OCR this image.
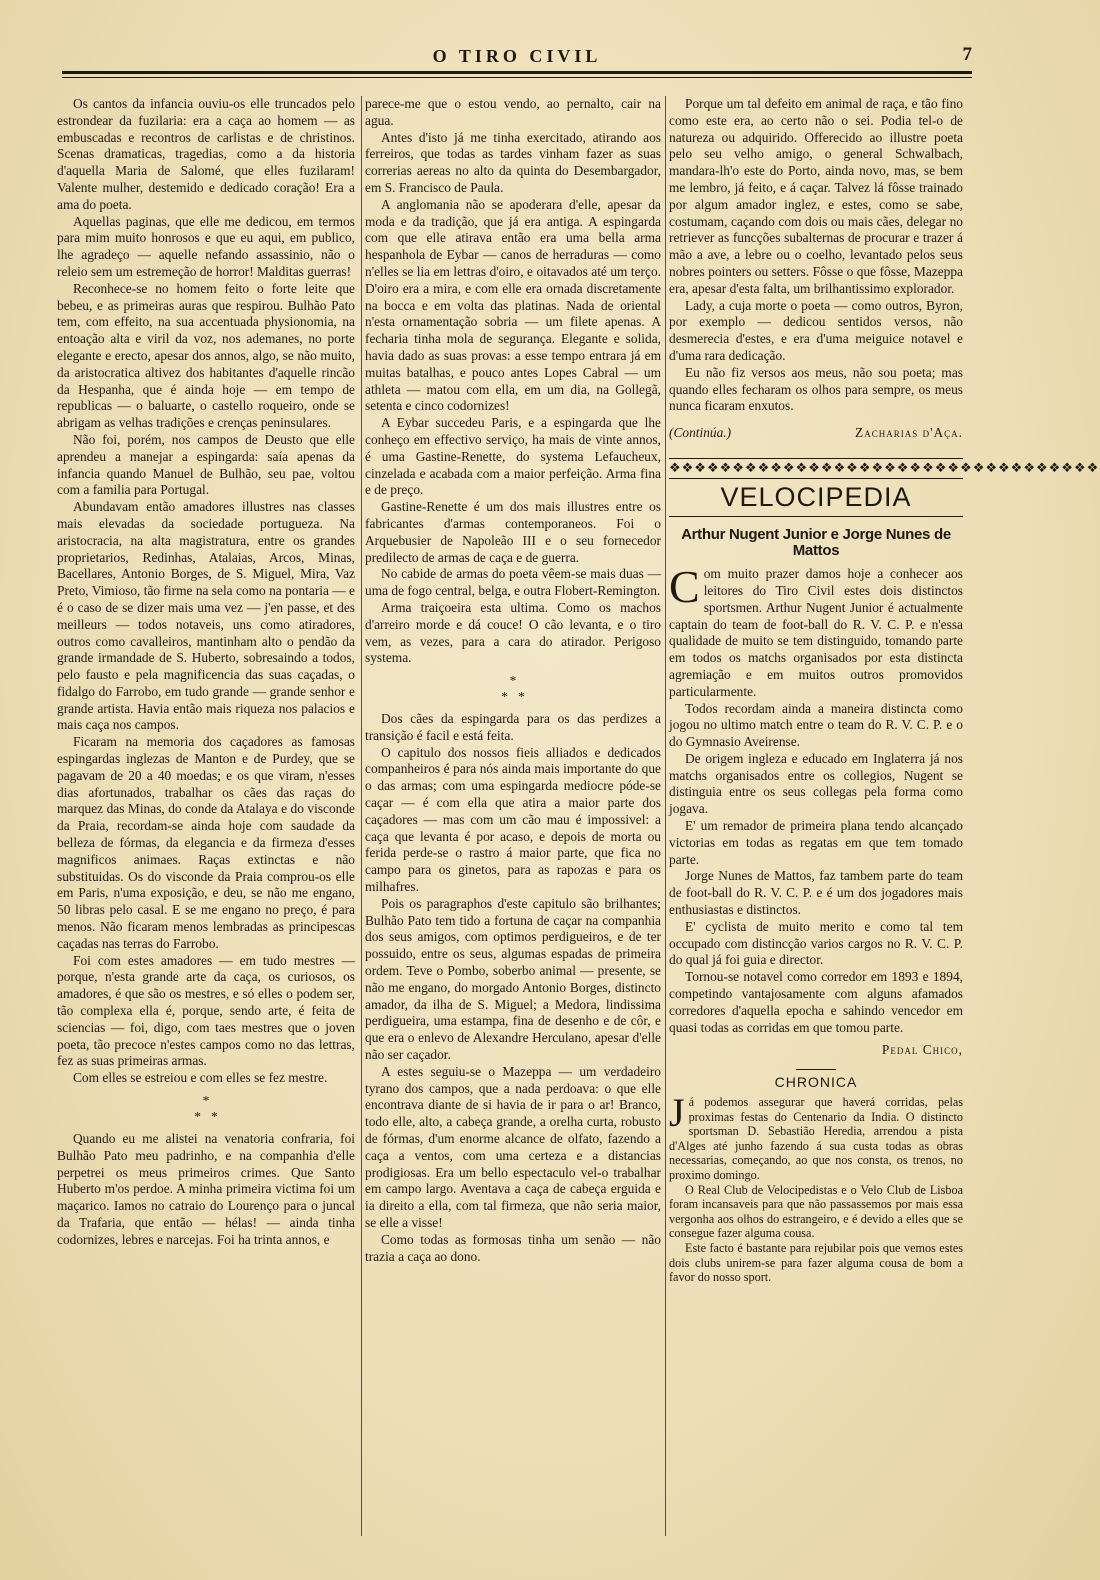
O TIRO CIVIL	7

Os cantos da infancia ouviu-os elle truncados pelo estrondear da fuzilaria: era a caça ao homem — as embuscadas e recontros de carlistas e de christinos. Scenas dramaticas, tragedias, como a da historia d'aquella Maria de Salomé, que elles fuzilaram! Valente mulher, destemido e dedicado coração! Era a ama do poeta.

Aquellas paginas, que elle me dedicou, em termos para mim muito honrosos e que eu aqui, em publico, lhe agradeço — aquelle nefando assassinio, não o releio sem um estremeção de horror! Malditas guerras!

Reconhece-se no homem feito o forte leite que bebeu, e as primeiras auras que respirou. Bulhão Pato tem, com effeito, na sua accentuada physionomia, na entoação alta e viril da voz, nos ademanes, no porte elegante e erecto, apesar dos annos, algo, se não muito, da aristocratica altivez dos habitantes d'aquelle rincão da Hespanha, que é ainda hoje — em tempo de republicas — o baluarte, o castello roqueiro, onde se abrigam as velhas tradições e crenças peninsulares.

Não foi, porém, nos campos de Deusto que elle aprendeu a manejar a espingarda: saía apenas da infancia quando Manuel de Bulhão, seu pae, voltou com a familia para Portugal.

Abundavam então amadores illustres nas classes mais elevadas da sociedade portugueza. Na aristocracia, na alta magistratura, entre os grandes proprietarios, Redinhas, Atalaias, Arcos, Minas, Bacellares, Antonio Borges, de S. Miguel, Mira, Vaz Preto, Vimioso, tão firme na sela como na pontaria — e é o caso de se dizer mais uma vez — j'en passe, et des meilleurs — todos notaveis, uns como atiradores, outros como cavalleiros, mantinham alto o pendão da grande irmandade de S. Huberto, sobresaindo a todos, pelo fausto e pela magnificencia das suas caçadas, o fidalgo do Farrobo, em tudo grande — grande senhor e grande artista. Havia então mais riqueza nos palacios e mais caça nos campos.

Ficaram na memoria dos caçadores as famosas espingardas inglezas de Manton e de Purdey, que se pagavam de 20 a 40 moedas; e os que viram, n'esses dias afortunados, trabalhar os cães das raças do marquez das Minas, do conde da Atalaya e do visconde da Praia, recordam-se ainda hoje com saudade da belleza de fórmas, da elegancia e da firmeza d'esses magnificos animaes. Raças extinctas e não substituidas. Os do visconde da Praia comprou-os elle em Paris, n'uma exposição, e deu, se não me engano, 50 libras pelo casal. E se me engano no preço, é para menos. Não ficaram menos lembradas as principescas caçadas nas terras do Farrobo.

Foi com estes amadores — em tudo mestres — porque, n'esta grande arte da caça, os curiosos, os amadores, é que são os mestres, e só elles o podem ser, tão complexa ella é, porque, sendo arte, é feita de sciencias — foi, digo, com taes mestres que o joven poeta, tão precoce n'estes campos como no das lettras, fez as suas primeiras armas.

Com elles se estreiou e com elles se fez mestre.

*
*   *

Quando eu me alistei na venatoria confraria, foi Bulhão Pato meu padrinho, e na companhia d'elle perpetrei os meus primeiros crimes. Que Santo Huberto m'os perdoe. A minha primeira victima foi um maçarico. Iamos no catraio do Lourenço para o juncal da Trafaria, que então — hélas! — ainda tinha codornizes, lebres e narcejas. Foi ha trinta annos, e

parece-me que o estou vendo, ao pernalto, cair na agua.

Antes d'isto já me tinha exercitado, atirando aos ferreiros, que todas as tardes vinham fazer as suas correrias aereas no alto da quinta do Desembargador, em S. Francisco de Paula.

A anglomania não se apoderara d'elle, apesar da moda e da tradição, que já era antiga. A espingarda com que elle atirava então era uma bella arma hespanhola de Eybar — canos de herraduras — como n'elles se lia em lettras d'oiro, e oitavados até um terço. D'oiro era a mira, e com elle era ornada discretamente na bocca e em volta das platinas. Nada de oriental n'esta ornamentação sobria — um filete apenas. A fecharia tinha mola de segurança. Elegante e solida, havia dado as suas provas: a esse tempo entrara já em muitas batalhas, e pouco antes Lopes Cabral — um athleta — matou com ella, em um dia, na Gollegã, setenta e cinco codornizes!

A Eybar succedeu Paris, e a espingarda que lhe conheço em effectivo serviço, ha mais de vinte annos, é uma Gastine-Renette, do systema Lefaucheux, cinzelada e acabada com a maior perfeição. Arma fina e de preço.

Gastine-Renette é um dos mais illustres entre os fabricantes d'armas contemporaneos. Foi o Arquebusier de Napoleão III e o seu fornecedor predilecto de armas de caça e de guerra.

No cabide de armas do poeta vêem-se mais duas — uma de fogo central, belga, e outra Flobert-Remington.

Arma traiçoeira esta ultima. Como os machos d'arreiro morde e dá couce! O cão levanta, e o tiro vem, as vezes, para a cara do atirador. Perigoso systema.

*
*   *

Dos cães da espingarda para os das perdizes a transição é facil e está feita.

O capitulo dos nossos fieis alliados e dedicados companheiros é para nós ainda mais importante do que o das armas; com uma espingarda mediocre póde-se caçar — é com ella que atira a maior parte dos caçadores — mas com um cão mau é impossivel: a caça que levanta é por acaso, e depois de morta ou ferida perde-se o rastro á maior parte, que fica no campo para os ginetos, para as rapozas e para os milhafres.

Pois os paragraphos d'este capitulo são brilhantes; Bulhão Pato tem tido a fortuna de caçar na companhia dos seus amigos, com optimos perdigueiros, e de ter possuido, entre os seus, algumas espadas de primeira ordem. Teve o Pombo, soberbo animal — presente, se não me engano, do morgado Antonio Borges, distincto amador, da ilha de S. Miguel; a Medora, lindissima perdigueira, uma estampa, fina de desenho e de côr, e que era o enlevo de Alexandre Herculano, apesar d'elle não ser caçador.

A estes seguiu-se o Mazeppa — um verdadeiro tyrano dos campos, que a nada perdoava: o que elle encontrava diante de si havia de ir para o ar! Branco, todo elle, alto, a cabeça grande, a orelha curta, robusto de fórmas, d'um enorme alcance de olfato, fazendo a caça a ventos, com uma certeza e a distancias prodigiosas. Era um bello espectaculo vel-o trabalhar em campo largo. Aventava a caça de cabeça erguida e ia direito a ella, com tal firmeza, que não seria maior, se elle a visse!

Como todas as formosas tinha um senão — não trazia a caça ao dono.

Porque um tal defeito em animal de raça, e tão fino como este era, ao certo não o sei. Podia tel-o de natureza ou adquirido. Offerecido ao illustre poeta pelo seu velho amigo, o general Schwalbach, mandara-lh'o este do Porto, ainda novo, mas, se bem me lembro, já feito, e á caçar. Talvez lá fôsse trainado por algum amador inglez, e estes, como se sabe, costumam, caçando com dois ou mais cães, delegar no retriever as funcções subalternas de procurar e trazer á mão a ave, a lebre ou o coelho, levantado pelos seus nobres pointers ou setters. Fôsse o que fôsse, Mazeppa era, apesar d'esta falta, um brilhantissimo explorador.

Lady, a cuja morte o poeta — como outros, Byron, por exemplo — dedicou sentidos versos, não desmerecia d'estes, e era d'uma meiguice notavel e d'uma rara dedicação.

Eu não fiz versos aos meus, não sou poeta; mas quando elles fecharam os olhos para sempre, os meus nunca ficaram enxutos.

(Continúa.)	Zacharias d'Aça.
❖❖❖❖❖❖❖❖❖❖❖❖❖❖❖❖❖❖❖❖❖❖❖❖❖❖❖❖❖❖❖❖❖❖
VELOCIPEDIA
Arthur Nugent Junior e Jorge Nunes de Mattos

Com muito prazer damos hoje a conhecer aos leitores do Tiro Civil estes dois distinctos sportsmen. Arthur Nugent Junior é actualmente captain do team de foot-ball do R. V. C. P. e n'essa qualidade de muito se tem distinguido, tomando parte em todos os matchs organisados por esta distincta agremiação e em muitos outros promovidos particularmente.

Todos recordam ainda a maneira distincta como jogou no ultimo match entre o team do R. V. C. P. e o do Gymnasio Aveirense.

De origem ingleza e educado em Inglaterra já nos matchs organisados entre os collegios, Nugent se distinguia entre os seus collegas pela forma como jogava.

E' um remador de primeira plana tendo alcançado victorias em todas as regatas em que tem tomado parte.

Jorge Nunes de Mattos, faz tambem parte do team de foot-ball do R. V. C. P. e é um dos jogadores mais enthusiastas e distinctos.

E' cyclista de muito merito e como tal tem occupado com distincção varios cargos no R. V. C. P. do qual já foi guia e director.

Tornou-se notavel como corredor em 1893 e 1894, competindo vantajosamente com alguns afamados corredores d'aquella epocha e sahindo vencedor em quasi todas as corridas em que tomou parte.

Pedal Chico,
CHRONICA

Já podemos assegurar que haverá corridas, pelas proximas festas do Centenario da India. O distincto sportsman D. Sebastião Heredia, arrendou a pista d'Alges até junho fazendo á sua custa todas as obras necessarias, começando, ao que nos consta, os trenos, no proximo domingo.

O Real Club de Velocipedistas e o Velo Club de Lisboa foram incansaveis para que não passassemos por mais essa vergonha aos olhos do estrangeiro, e é devido a elles que se consegue fazer alguma cousa.

Este facto é bastante para rejubilar pois que vemos estes dois clubs unirem-se para fazer alguma cousa de bom a favor do nosso sport.
